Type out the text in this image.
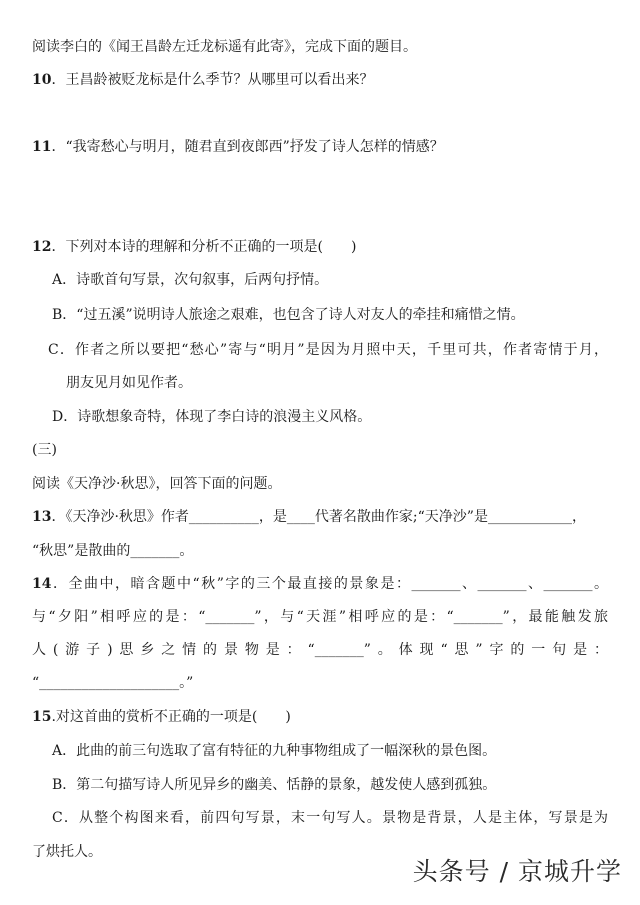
阅读李白的《闻王昌龄左迁龙标遥有此寄》，完成下面的题目。
10．王昌龄被贬龙标是什么季节？从哪里可以看出来？
11．“我寄愁心与明月，随君直到夜郎西”抒发了诗人怎样的情感？
12．下列对本诗的理解和分析不正确的一项是(　　)
A．诗歌首句写景，次句叙事，后两句抒情。
B．“过五溪”说明诗人旅途之艰难，也包含了诗人对友人的牵挂和痛惜之情。
C．作者之所以要把“愁心”寄与“明月”是因为月照中天，千里可共，作者寄情于月，
朋友见月如见作者。
D．诗歌想象奇特，体现了李白诗的浪漫主义风格。
(三)
阅读《天净沙·秋思》，回答下面的问题。
13．《天净沙·秋思》作者__________，是____代著名散曲作家;“天净沙”是____________，
“秋思”是散曲的_______。
14．全曲中，暗含题中“秋”字的三个最直接的景象是：_______、_______、_______。
与“夕阳”相呼应的是：“_______”，与“天涯”相呼应的是：“_______”，最能触发旅
人(游子)思乡之情的景物是：“_______”。体现“思”字的一句是：
“____________________。”
15.对这首曲的赏析不正确的一项是(　　)
A．此曲的前三句选取了富有特征的九种事物组成了一幅深秋的景色图。
B．第二句描写诗人所见异乡的幽美、恬静的景象，越发使人感到孤独。
C．从整个构图来看，前四句写景，末一句写人。景物是背景，人是主体，写景是为
了烘托人。
头条号 / 京城升学
